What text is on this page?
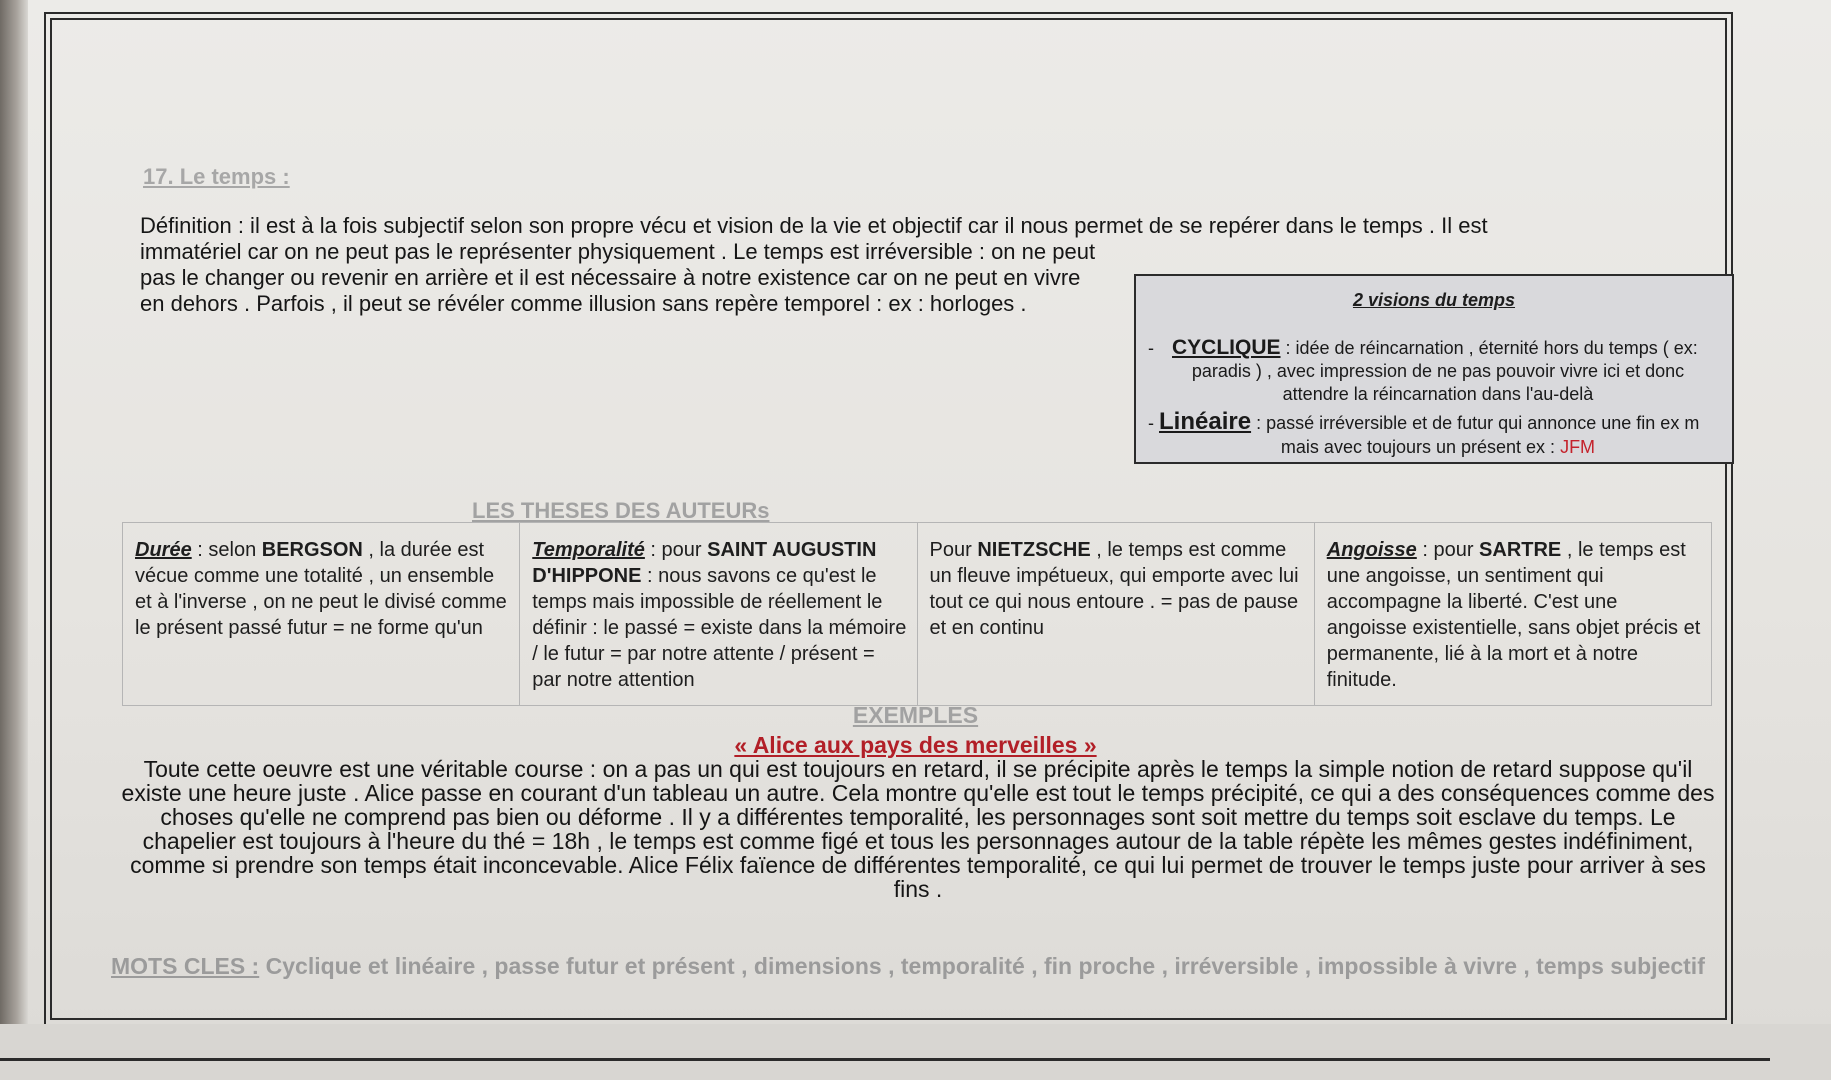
17. Le temps :
Définition : il est à la fois subjectif selon son propre vécu et vision de la vie et objectif car il nous permet de se repérer dans le temps . Il est
immatériel car on ne peut pas le représenter physiquement . Le temps est irréversible : on ne peut pas le changer ou revenir en arrière et il est nécessaire à notre existence car on ne peut en vivre en dehors . Parfois , il peut se révéler comme illusion sans repère temporel : ex : horloges .	2 visions du temps
- CYCLIQUE : idée de réincarnation , éternité hors du temps ( ex:
paradis ) , avec impression de ne pas pouvoir vivre ici et donc
attendre la réincarnation dans l'au-delà
- Linéaire : passé irréversible et de futur qui annonce une fin ex m
mais avec toujours un présent ex : JFM
LES THESES DES AUTEURs
Durée : selon BERGSON , la durée est vécue comme une totalité , un ensemble et à l'inverse , on ne peut le divisé comme le présent passé futur = ne forme qu'un
Temporalité : pour SAINT AUGUSTIN D'HIPPONE : nous savons ce qu'est le temps mais impossible de réellement le définir : le passé = existe dans la mémoire / le futur = par notre attente / présent = par notre attention
Pour NIETZSCHE , le temps est comme un fleuve impétueux, qui emporte avec lui tout ce qui nous entoure . = pas de pause et en continu
Angoisse : pour SARTRE , le temps est une angoisse, un sentiment qui accompagne la liberté. C'est une angoisse existentielle, sans objet précis et permanente, lié à la mort et à notre finitude.
EXEMPLES
« Alice aux pays des merveilles »
Toute cette oeuvre est une véritable course : on a pas un qui est toujours en retard, il se précipite après le temps la simple notion de retard suppose qu'il existe une heure juste . Alice passe en courant d'un tableau un autre. Cela montre qu'elle est tout le temps précipité, ce qui a des conséquences comme des choses qu'elle ne comprend pas bien ou déforme . Il y a différentes temporalité, les personnages sont soit mettre du temps soit esclave du temps. Le chapelier est toujours à l'heure du thé = 18h , le temps est comme figé et tous les personnages autour de la table répète les mêmes gestes indéfiniment, comme si prendre son temps était inconcevable. Alice Félix faïence de différentes temporalité, ce qui lui permet de trouver le temps juste pour arriver à ses fins .
MOTS CLES : Cyclique et linéaire , passe futur et présent , dimensions , temporalité , fin proche , irréversible , impossible à vivre , temps subjectif
